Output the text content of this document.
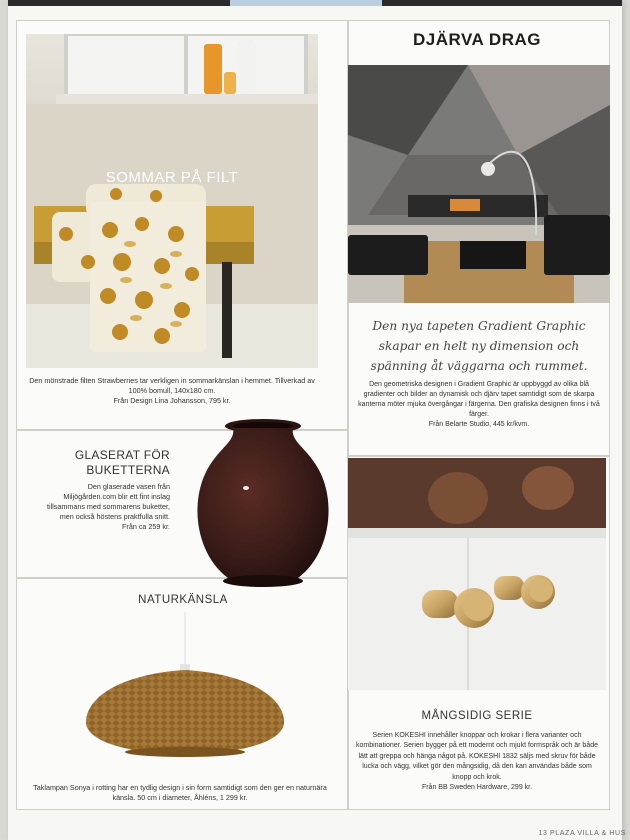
SOMMAR PÅ FILT
Den mönstrade filten Strawberries tar verkligen in sommarkänslan i hemmet. Tillverkad av 100% bomull, 140x180 cm.
Från Design Lina Johansson, 795 kr.
GLASERAT FÖR
BUKETTERNA
Den glaserade vasen från Miljögården.com blir ett fint inslag tillsammans med sommarens buketter, men också höstens praktfulla snitt.
Från ca 259 kr.
NATURKÄNSLA
Taklampan Sonya i rotting har en tydlig design i sin form samtidigt som den ger en naturnära känsla. 50 cm i diameter, Åhléns, 1 299 kr.
DJÄRVA DRAG
Den nya tapeten Gradient Graphic skapar en helt ny dimension och spänning åt väggarna och rummet.
Den geometriska designen i Gradient Graphic är uppbyggd av olika blå gradienter och bilder an dynamisk och djärv tapet samtidigt som de skarpa kanterna möter mjuka övergångar i färgerna. Den grafiska designen finns i två färger.
Från Belarte Studio, 445 kr/kvm.
MÅNGSIDIG SERIE
Serien KOKESHI innehåller knoppar och krokar i flera varianter och kombinationer. Serien bygger på ett modernt och mjukt formspråk och är både lätt att greppa och hänga något på. KOKESHI 1832 säljs med skruv för både lucka och vägg, vilket gör den mångsidig, då den kan användas både som knopp och krok.
Från BB Sweden Hardware, 299 kr.
13 PLAZA VILLA & HUS
